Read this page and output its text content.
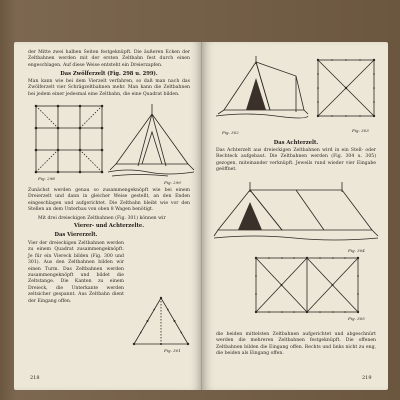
der Mitte zwei halben Seiten festgeknüpft. Die äußeren Ecken der Zeltbahnen werden mit der ersten Zeltbahn fest durch einen engeschlagen. Auf diese Weise entsteht ein Dreierzapfen.
Das Zwölferzelt (Fig. 298 u. 299).
Man kann wie bei dem Vierzelt verfahren, so daß man nach das Zwölferzelt vier Schrägzeltbahnen mehr. Man kann die Zeltbahnen bei jedem einer jedesmal eine Zeltbahn, die eine Quadrat bilden.
Fig. 298
Fig. 299
Zunächst werden genau so zusammengeknöpft wie bei einem Dreierzelt und dann in gleicher Weise gestellt, an den Enden eingeschlagen und aufgerichtet. Die Zeltbahn bleibt wie vor den Stellen an dem Unterbau von oben 8 Wagen benötigt.
Mit drei dreieckigen Zeltbahnen (Fig. 301) können wir
Vierer- und Achterzelte.
Das Viererzelt.
Vier der dreieckigen Zeltbahnen werden zu einem Quadrat zusammengeknöpft. Je für ein Viereck bilden (Fig. 300 und 301). Aus den Zeltbahnen bilden wir einen Turm. Das Zeltbahnen werden zusammengeknöpft und bildet die Zeltstange. Die Kanten zu einem Dreieck, die Unterkante werden zeltsicher gespannt. Aus Zeltbahn dient der Eingang offen.
Fig. 301
218
Fig. 302	Fig. 303
Das Achterzelt.
Das Achterzelt aus dreieckigen Zeltbahnen wird in ein Stell- oder Rechteck aufgebaut. Die Zeltbahnen werden (Fig. 304 u. 305) gezogen, miteinander verknüpft. Jeweils rund wieder vier Eingabe geöffnet.
Fig. 304
Fig. 305
die beiden mittelsten Zeltbahnen aufgerichtet und abgeschnürt werden die mehreren Zeltbahnen festgeknüpft. Die offenen Zeltbahnen bilden die Eingang offen. Rechts und links nicht zu eng, die beiden als Eingang offen.
219
